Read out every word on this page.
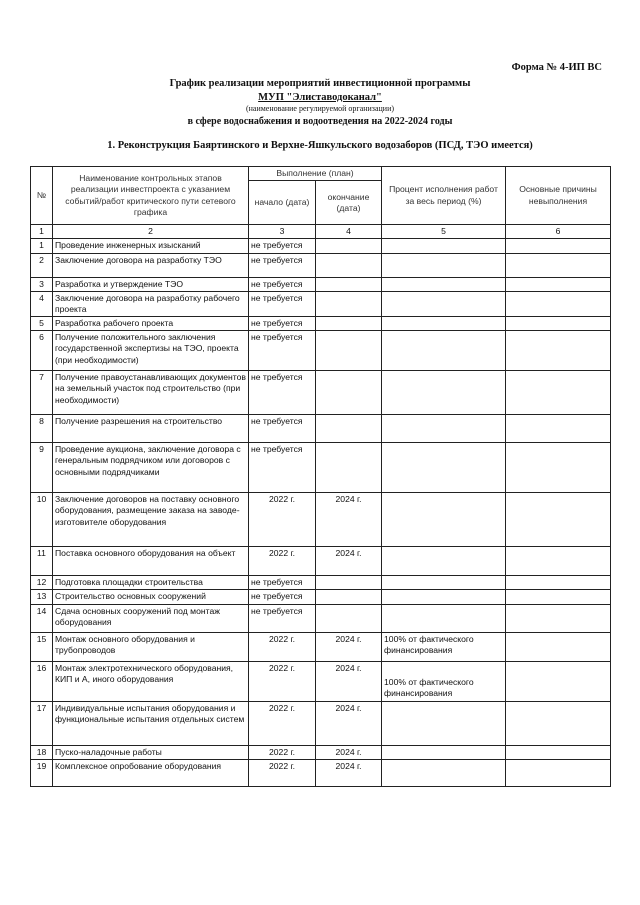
Форма № 4-ИП ВС
График реализации мероприятий инвестиционной программы
МУП "Элиставодоканал"
(наименование регулируемой организации)
в сфере водоснабжения и водоотведения на 2022-2024 годы
1. Реконструкция Баяртинского и Верхне-Яшкульского водозаборов (ПСД, ТЭО имеется)
№	Наименование контрольных этапов реализации инвестпроекта с указанием событий/работ критического пути сетевого графика	Выполнение (план)		Процент исполнения работ за весь период (%)	Основные причины невыполнения
		начало (дата)	окончание (дата)		
1	2	3	4	5	6
1	Проведение инженерных изысканий	не требуется			
2	Заключение договора на разработку ТЭО	не требуется			
3	Разработка и утверждение ТЭО	не требуется			
4	Заключение договора на разработку рабочего проекта	не требуется			
5	Разработка рабочего проекта	не требуется			
6	Получение положительного заключения государственной экспертизы на ТЭО, проекта (при необходимости)	не требуется			
7	Получение правоустанавливающих документов на земельный участок под строительство (при необходимости)	не требуется			
8	Получение разрешения на строительство	не требуется			
9	Проведение аукциона, заключение договора с генеральным подрядчиком или договоров с основными подрядчиками	не требуется			
10	Заключение договоров на поставку основного оборудования, размещение заказа на заводе-изготовителе оборудования	2022 г.	2024 г.		
11	Поставка основного оборудования на объект	2022 г.	2024 г.		
12	Подготовка площадки строительства	не требуется			
13	Строительство основных сооружений	не требуется			
14	Сдача основных сооружений под монтаж оборудования	не требуется			
15	Монтаж основного оборудования и трубопроводов	2022 г.	2024 г.	100% от фактического финансирования	
16	Монтаж электротехнического оборудования, КИП и А, иного оборудования	2022 г.	2024 г.	100% от фактического финансирования	
17	Индивидуальные испытания оборудования и функциональные испытания отдельных систем	2022 г.	2024 г.		
18	Пуско-наладочные работы	2022 г.	2024 г.		
19	Комплексное опробование оборудования	2022 г.	2024 г.		
